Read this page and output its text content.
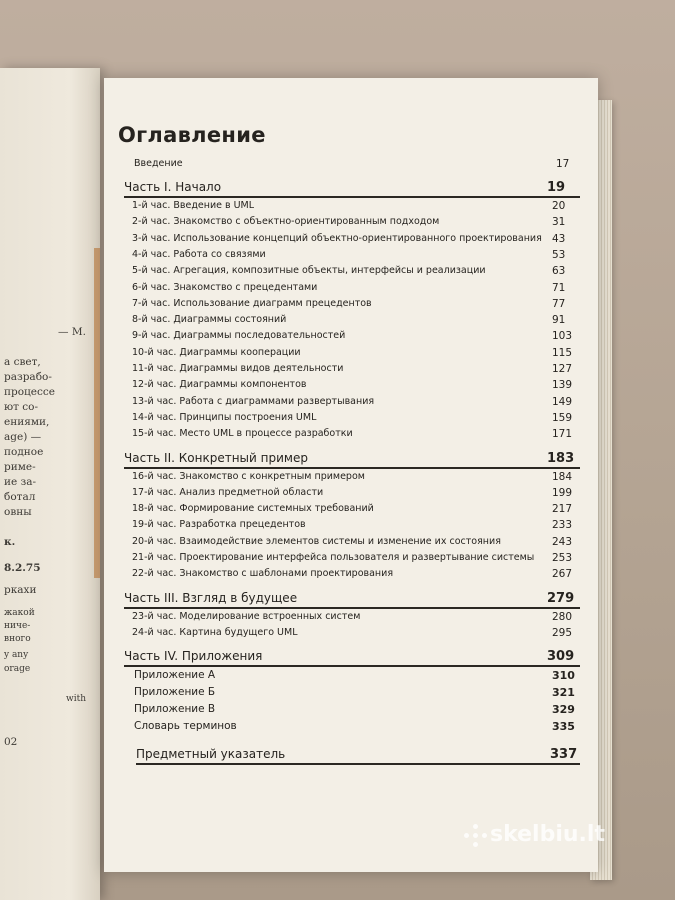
— М.
а свет,
разрабо-
процессе
ют со-
ениями,
age) —
подное
риме-
ие за-
ботал
овны
к.
8.2.75
ркахи
жакой
ниче-
вного
y any
orage
with
02
Оглавление
Введение	17
Часть I. Начало	19
1-й час. Введение в UML	20
2-й час. Знакомство с объектно-ориентированным подходом	31
3-й час. Использование концепций объектно-ориентированного проектирования 43
4-й час. Работа со связями	53
5-й час. Агрегация, композитные объекты, интерфейсы и реализации	63
6-й час. Знакомство с прецедентами	71
7-й час. Использование диаграмм прецедентов	77
8-й час. Диаграммы состояний	91
9-й час. Диаграммы последовательностей	103
10-й час. Диаграммы кооперации	115
11-й час. Диаграммы видов деятельности	127
12-й час. Диаграммы компонентов	139
13-й час. Работа с диаграммами развертывания	149
14-й час. Принципы построения UML	159
15-й час. Место UML в процессе разработки	171
Часть II. Конкретный пример	183
16-й час. Знакомство с конкретным примером	184
17-й час. Анализ предметной области	199
18-й час. Формирование системных требований	217
19-й час. Разработка прецедентов	233
20-й час. Взаимодействие элементов системы и изменение их состояния	243
21-й час. Проектирование интерфейса пользователя и развертывание системы 253
22-й час. Знакомство с шаблонами проектирования	267
Часть III. Взгляд в будущее	279
23-й час. Моделирование встроенных систем	280
24-й час. Картина будущего UML	295
Часть IV. Приложения	309
Приложение А	310
Приложение Б	321
Приложение В	329
Словарь терминов	335
Предметный указатель	337
skelbiu.lt
